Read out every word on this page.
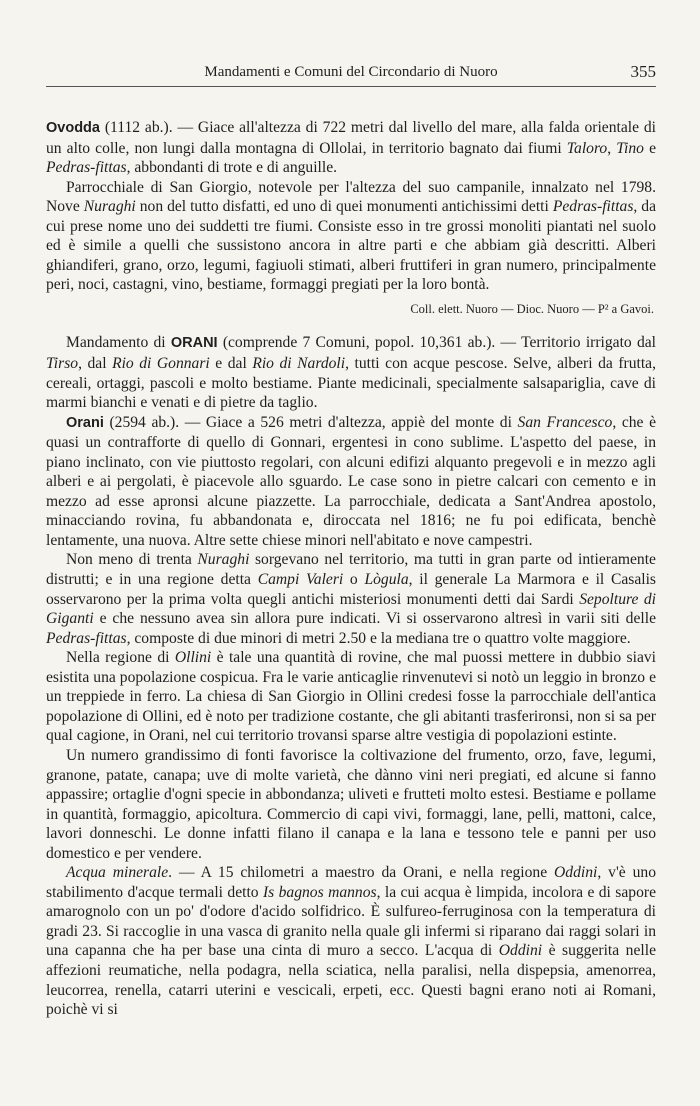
Mandamenti e Comuni del Circondario di Nuoro	355

Ovodda (1112 ab.). — Giace all'altezza di 722 metri dal livello del mare, alla falda orientale di un alto colle, non lungi dalla montagna di Ollolai, in territorio bagnato dai fiumi Taloro, Tino e Pedras-fittas, abbondanti di trote e di anguille.

Parrocchiale di San Giorgio, notevole per l'altezza del suo campanile, innalzato nel 1798. Nove Nuraghi non del tutto disfatti, ed uno di quei monumenti antichissimi detti Pedras-fittas, da cui prese nome uno dei suddetti tre fiumi. Consiste esso in tre grossi monoliti piantati nel suolo ed è simile a quelli che sussistono ancora in altre parti e che abbiam già descritti. Alberi ghiandiferi, grano, orzo, legumi, fagiuoli stimati, alberi fruttiferi in gran numero, principalmente peri, noci, castagni, vino, bestiame, formaggi pregiati per la loro bontà.

Coll. elett. Nuoro — Dioc. Nuoro — P² a Gavoi.

Mandamento di ORANI (comprende 7 Comuni, popol. 10,361 ab.). — Territorio irrigato dal Tirso, dal Rio di Gonnari e dal Rio di Nardoli, tutti con acque pescose. Selve, alberi da frutta, cereali, ortaggi, pascoli e molto bestiame. Piante medicinali, specialmente salsapariglia, cave di marmi bianchi e venati e di pietre da taglio.

Orani (2594 ab.). — Giace a 526 metri d'altezza, appiè del monte di San Francesco, che è quasi un contrafforte di quello di Gonnari, ergentesi in cono sublime. L'aspetto del paese, in piano inclinato, con vie piuttosto regolari, con alcuni edifizi alquanto pregevoli e in mezzo agli alberi e ai pergolati, è piacevole allo sguardo. Le case sono in pietre calcari con cemento e in mezzo ad esse apronsi alcune piazzette. La parrocchiale, dedicata a Sant'Andrea apostolo, minacciando rovina, fu abbandonata e, diroccata nel 1816; ne fu poi edificata, benchè lentamente, una nuova. Altre sette chiese minori nell'abitato e nove campestri.

Non meno di trenta Nuraghi sorgevano nel territorio, ma tutti in gran parte od intieramente distrutti; e in una regione detta Campi Valeri o Lògula, il generale La Marmora e il Casalis osservarono per la prima volta quegli antichi misteriosi monumenti detti dai Sardi Sepolture di Giganti e che nessuno avea sin allora pure indicati. Vi si osservarono altresì in varii siti delle Pedras-fittas, composte di due minori di metri 2.50 e la mediana tre o quattro volte maggiore.

Nella regione di Ollini è tale una quantità di rovine, che mal puossi mettere in dubbio siavi esistita una popolazione cospicua. Fra le varie anticaglie rinvenutevi si notò un leggio in bronzo e un treppiede in ferro. La chiesa di San Giorgio in Ollini credesi fosse la parrocchiale dell'antica popolazione di Ollini, ed è noto per tradizione costante, che gli abitanti trasferironsi, non si sa per qual cagione, in Orani, nel cui territorio trovansi sparse altre vestigia di popolazioni estinte.

Un numero grandissimo di fonti favorisce la coltivazione del frumento, orzo, fave, legumi, granone, patate, canapa; uve di molte varietà, che dànno vini neri pregiati, ed alcune si fanno appassire; ortaglie d'ogni specie in abbondanza; uliveti e frutteti molto estesi. Bestiame e pollame in quantità, formaggio, apicoltura. Commercio di capi vivi, formaggi, lane, pelli, mattoni, calce, lavori donneschi. Le donne infatti filano il canapa e la lana e tessono tele e panni per uso domestico e per vendere.

Acqua minerale. — A 15 chilometri a maestro da Orani, e nella regione Oddini, v'è uno stabilimento d'acque termali detto Is bagnos mannos, la cui acqua è limpida, incolora e di sapore amarognolo con un po' d'odore d'acido solfidrico. È sulfureo-ferruginosa con la temperatura di gradi 23. Si raccoglie in una vasca di granito nella quale gli infermi si riparano dai raggi solari in una capanna che ha per base una cinta di muro a secco. L'acqua di Oddini è suggerita nelle affezioni reumatiche, nella podagra, nella sciatica, nella paralisi, nella dispepsia, amenorrea, leucorrea, renella, catarri uterini e vescicali, erpeti, ecc. Questi bagni erano noti ai Romani, poichè vi si
